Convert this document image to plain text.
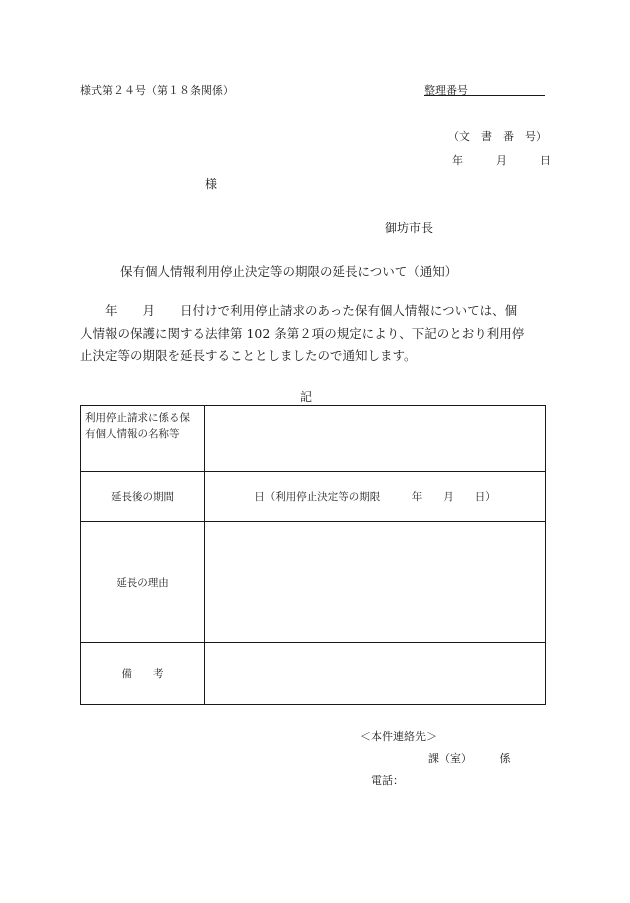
様式第２４号（第１８条関係）	整理番号
（文　書　番　号）
年	月	日
様
御坊市長
保有個人情報利用停止決定等の期限の延長について（通知）

　　年　　月　　日付けで利用停止請求のあった保有個人情報については、個

人情報の保護に関する法律第 102 条第２項の規定により、下記のとおり利用停

止決定等の期限を延長することとしましたので通知します。

記
利用停止請求に係る保有個人情報の名称等	
延長後の期間	日（利用停止決定等の期限　　　年　　月　　日）
延長の理由	
備　　考	
＜本件連絡先＞
課（室）　　　係
電話：
